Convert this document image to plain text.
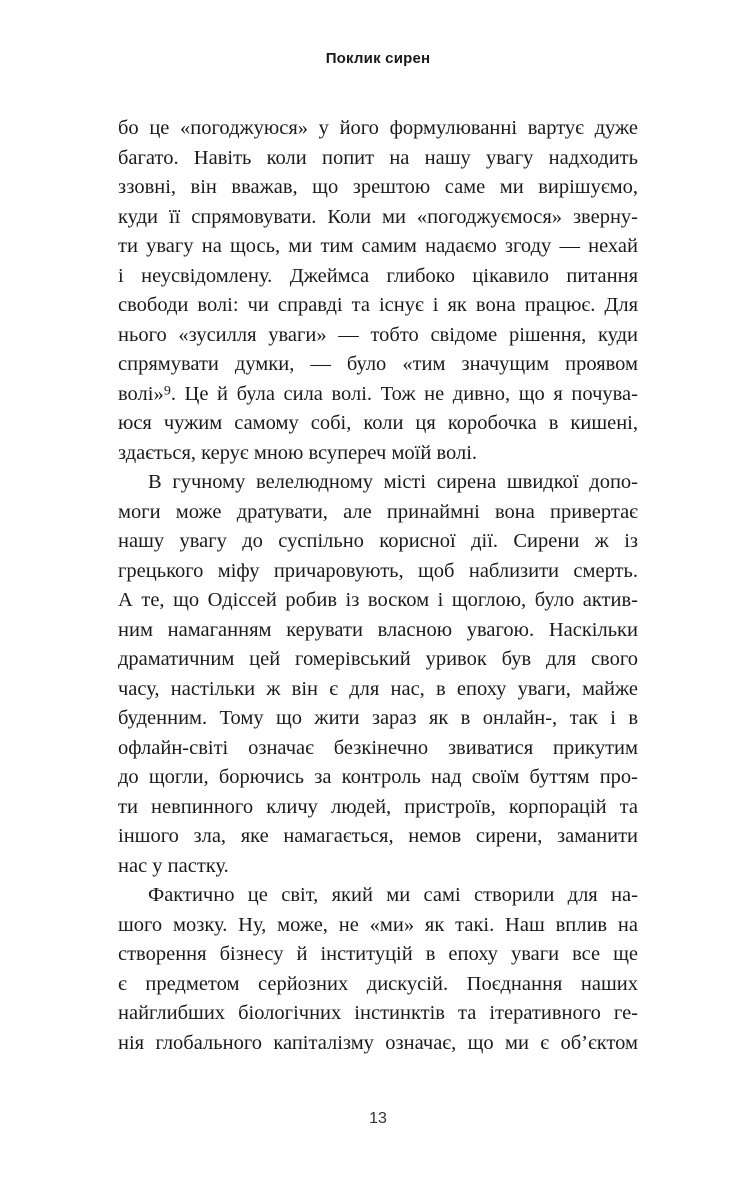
Поклик сирен
бо це «погоджуюся» у його формулюванні вартує дуже
багато. Навіть коли попит на нашу увагу надходить
ззовні, він вважав, що зрештою саме ми вирішуємо,
куди її спрямовувати. Коли ми «погоджуємося» зверну-
ти увагу на щось, ми тим самим надаємо згоду — нехай
і неусвідомлену. Джеймса глибоко цікавило питання
свободи волі: чи справді та існує і як вона працює. Для
нього «зусилля уваги» — тобто свідоме рішення, куди
спрямувати думки, — було «тим значущим проявом
волі»⁹. Це й була сила волі. Тож не дивно, що я почува-
юся чужим самому собі, коли ця коробочка в кишені,
здається, керує мною всупереч моїй волі.
В гучному велелюдному місті сирена швидкої допо-
моги може дратувати, але принаймні вона привертає
нашу увагу до суспільно корисної дії. Сирени ж із
грецького міфу причаровують, щоб наблизити смерть.
А те, що Одіссей робив із воском і щоглою, було актив-
ним намаганням керувати власною увагою. Наскільки
драматичним цей гомерівський уривок був для свого
часу, настільки ж він є для нас, в епоху уваги, майже
буденним. Тому що жити зараз як в онлайн-, так і в
офлайн-світі означає безкінечно звиватися прикутим
до щогли, борючись за контроль над своїм буттям про-
ти невпинного кличу людей, пристроїв, корпорацій та
іншого зла, яке намагається, немов сирени, заманити
нас у пастку.
Фактично це світ, який ми самі створили для на-
шого мозку. Ну, може, не «ми» як такі. Наш вплив на
створення бізнесу й інституцій в епоху уваги все ще
є предметом серйозних дискусій. Поєднання наших
найглибших біологічних інстинктів та ітеративного ге-
нія глобального капіталізму означає, що ми є об’єктом
13
